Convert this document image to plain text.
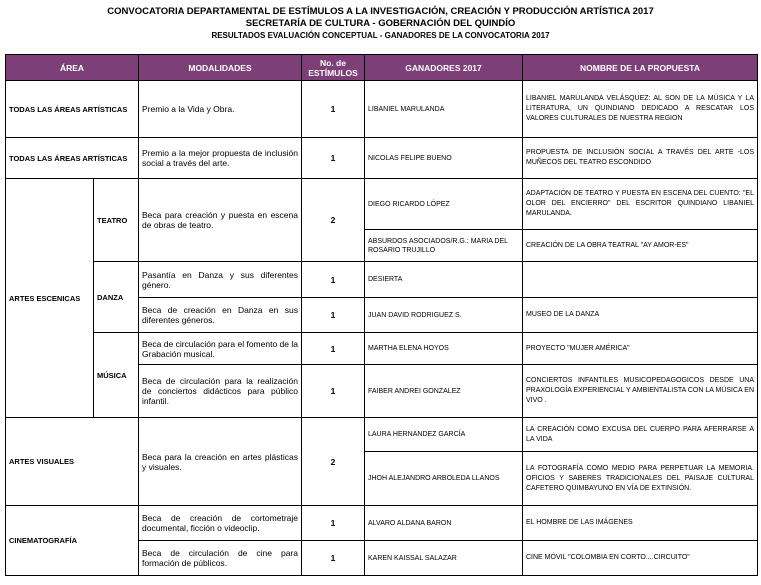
CONVOCATORIA DEPARTAMENTAL DE ESTÍMULOS A LA INVESTIGACIÓN, CREACIÓN Y PRODUCCIÓN ARTÍSTICA 2017
SECRETARÍA DE CULTURA - GOBERNACIÓN DEL QUINDÍO
RESULTADOS EVALUACIÓN CONCEPTUAL - GANADORES DE LA CONVOCATORIA 2017
ÁREA		MODALIDADES	No. de ESTÍMULOS	GANADORES 2017	NOMBRE DE LA PROPUESTA
TODAS LAS ÁREAS ARTÍSTICAS		Premio a la Vida y Obra.	1	LIBANIEL MARULANDA	LIBANIEL MARULANDA VELÁSQUEZ: AL SON DE LA MÚSICA Y LA LITERATURA, UN QUINDIANO DEDICADO A RESCATAR LOS VALORES CULTURALES DE NUESTRA REGION
TODAS LAS ÁREAS ARTÍSTICAS		Premio a la mejor propuesta de inclusión social a través del arte.	1	NICOLAS FELIPE BUENO	PROPUESTA DE INCLUSIÓN SOCIAL A TRAVÉS DEL ARTE -LOS MUÑECOS DEL TEATRO ESCONDIDO
ARTES ESCENICAS	TEATRO	Beca para creación y puesta en escena de obras de teatro.	2	DIEGO RICARDO LÓPEZ	ADAPTACIÓN DE TEATRO Y PUESTA EN ESCENA DEL CUENTO: "EL OLOR DEL ENCIERRO" DEL ESCRITOR QUINDIANO LIBANIEL MARULANDA.
				ABSURDOS ASOCIADOS/R.G.: MARIA DEL ROSARIO TRUJILLO	CREACIÓN DE LA OBRA TEATRAL "AY AMOR-ES"
	DANZA	Pasantía en Danza y sus diferentes género.	1	DESIERTA	
		Beca de creación en Danza en sus diferentes géneros.	1	JUAN DAVID RODRIGUEZ S.	MUSEO DE LA DANZA
	MÚSICA	Beca de circulación para el fomento de la Grabación musical.	1	MARTHA ELENA HOYOS	PROYECTO "MUJER AMÉRICA"
		Beca de circulación para la realización de conciertos didácticos para público infantil.	1	FAIBER ANDREI GONZALEZ	CONCIERTOS INFANTILES MUSICOPEDAGOGICOS DESDE UNA PRAXOLOGÍA EXPERIENCIAL Y AMBIENTALISTA CON LA MÚSICA EN VIVO .
ARTES VISUALES		Beca para la creación en artes plásticas y visuales.	2	LAURA HERNANDEZ GARCÍA	LA CREACIÓN COMO EXCUSA DEL CUERPO PARA AFERRARSE A LA VIDA
				JHOH ALEJANDRO ARBOLEDA LLANOS	LA FOTOGRAFÍA COMO MEDIO PARA PERPETUAR LA MEMORIA. OFICIOS Y SABERES TRADICIONALES DEL PAISAJE CULTURAL CAFETERO QUIMBAYUNO EN VÍA DE EXTINSIÓN.
CINEMATOGRAFÍA		Beca de creación de cortometraje documental, ficción o videoclip.	1	ALVARO ALDANA BARON	EL HOMBRE DE LAS IMÁGENES
		Beca de circulación de cine para formación de públicos.	1	KAREN KAISSAL SALAZAR	CINE MÓVIL "COLOMBIA EN CORTO....CIRCUITO"
